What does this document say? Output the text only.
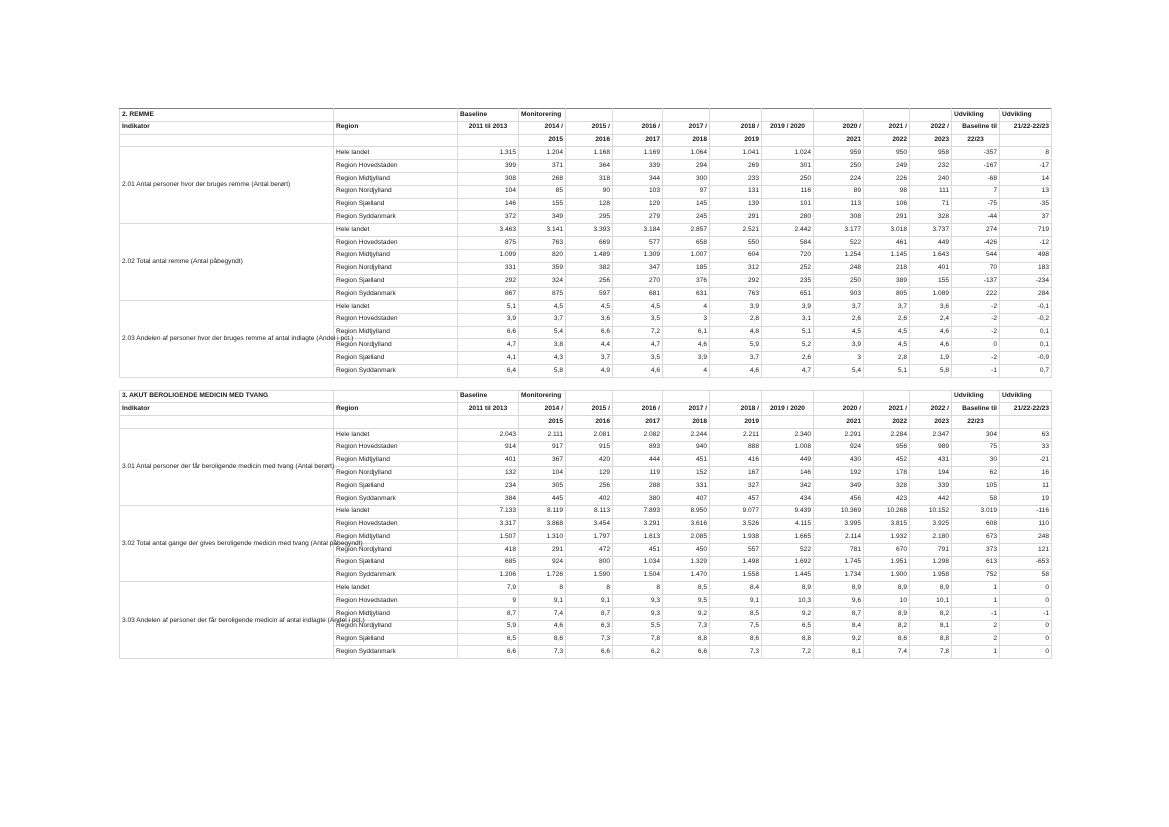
2. REMME		Baseline	Monitorering									Udvikling	Udvikling
Indikator	Region	2011 til 2013	2014 /	2015 /	2016 /	2017 /	2018 /	2019 / 2020	2020 /	2021 /	2022 /	Baseline til	21/22-22/23
			2015	2016	2017	2018	2019		2021	2022	2023	22/23	
2.01 Antal personer hvor der bruges remme (Antal berørt)	Hele landet	1.315	1.204	1.168	1.169	1.064	1.041	1.024	959	950	958	-357	8
	Region Hovedstaden	399	371	364	339	294	269	301	250	249	232	-167	-17
	Region Midtjylland	308	268	318	344	300	233	250	224	226	240	-68	14
	Region Nordjylland	104	85	90	103	97	131	116	89	98	111	7	13
	Region Sjælland	146	155	128	129	145	139	101	113	106	71	-75	-35
	Region Syddanmark	372	349	295	279	245	291	280	308	291	328	-44	37
2.02 Total antal remme (Antal påbegyndt)	Hele landet	3.463	3.141	3.393	3.184	2.857	2.521	2.442	3.177	3.018	3.737	274	719
	Region Hovedstaden	875	763	669	577	658	550	584	522	461	449	-426	-12
	Region Midtjylland	1.099	820	1.489	1.309	1.007	604	720	1.254	1.145	1.643	544	498
	Region Nordjylland	331	359	382	347	185	312	252	248	218	401	70	183
	Region Sjælland	292	324	256	270	376	292	235	250	389	155	-137	-234
	Region Syddanmark	867	875	597	681	631	763	651	903	805	1.089	222	284
2.03 Andelen af personer hvor der bruges remme af antal indlagte (Andel i pct.)	Hele landet	5,1	4,5	4,5	4,5	4	3,9	3,9	3,7	3,7	3,6	-2	-0,1
	Region Hovedstaden	3,9	3,7	3,6	3,5	3	2,8	3,1	2,6	2,6	2,4	-2	-0,2
	Region Midtjylland	6,6	5,4	6,6	7,2	6,1	4,8	5,1	4,5	4,5	4,6	-2	0,1
	Region Nordjylland	4,7	3,8	4,4	4,7	4,6	5,9	5,2	3,9	4,5	4,6	0	0,1
	Region Sjælland	4,1	4,3	3,7	3,5	3,9	3,7	2,6	3	2,8	1,9	-2	-0,9
	Region Syddanmark	6,4	5,8	4,9	4,6	4	4,6	4,7	5,4	5,1	5,8	-1	0,7

3. AKUT BEROLIGENDE MEDICIN MED TVANG		Baseline	Monitorering									Udvikling	Udvikling
Indikator	Region	2011 til 2013	2014 /	2015 /	2016 /	2017 /	2018 /	2019 / 2020	2020 /	2021 /	2022 /	Baseline til	21/22-22/23
			2015	2016	2017	2018	2019		2021	2022	2023	22/23	
3.01 Antal personer der får beroligende medicin med tvang (Antal berørt)	Hele landet	2.043	2.111	2.081	2.082	2.244	2.211	2.340	2.291	2.284	2.347	304	63
	Region Hovedstaden	914	917	915	893	940	888	1.008	924	956	989	75	33
	Region Midtjylland	401	367	420	444	451	416	449	430	452	431	30	-21
	Region Nordjylland	132	104	129	119	152	167	146	192	178	194	62	16
	Region Sjælland	234	305	256	288	331	327	342	349	328	339	105	11
	Region Syddanmark	384	445	402	380	407	457	434	456	423	442	58	19
3.02 Total antal gange der gives beroligende medicin med tvang (Antal påbegyndt)	Hele landet	7.133	8.119	8.113	7.893	8.950	9.077	9.439	10.369	10.268	10.152	3.019	-116
	Region Hovedstaden	3.317	3.868	3.454	3.291	3.616	3.526	4.115	3.995	3.815	3.925	608	110
	Region Midtjylland	1.507	1.310	1.797	1.613	2.085	1.938	1.665	2.114	1.932	2.180	673	248
	Region Nordjylland	418	291	472	451	450	557	522	781	670	791	373	121
	Region Sjælland	685	924	800	1.034	1.329	1.498	1.692	1.745	1.951	1.298	613	-653
	Region Syddanmark	1.206	1.726	1.590	1.504	1.470	1.558	1.445	1.734	1.900	1.958	752	58
3.03 Andelen af personer der får beroligende medicin af antal indlagte (Andel i pct.)	Hele landet	7,9	8	8	8	8,5	8,4	8,9	8,9	8,9	8,9	1	0
	Region Hovedstaden	9	9,1	9,1	9,3	9,5	9,1	10,3	9,6	10	10,1	1	0
	Region Midtjylland	8,7	7,4	8,7	9,3	9,2	8,5	9,2	8,7	8,9	8,2	-1	-1
	Region Nordjylland	5,9	4,6	6,3	5,5	7,3	7,5	6,5	8,4	8,2	8,1	2	0
	Region Sjælland	6,5	8,6	7,3	7,8	8,8	8,6	8,8	9,2	8,6	8,8	2	0
	Region Syddanmark	6,6	7,3	6,6	6,2	6,6	7,3	7,2	8,1	7,4	7,8	1	0
